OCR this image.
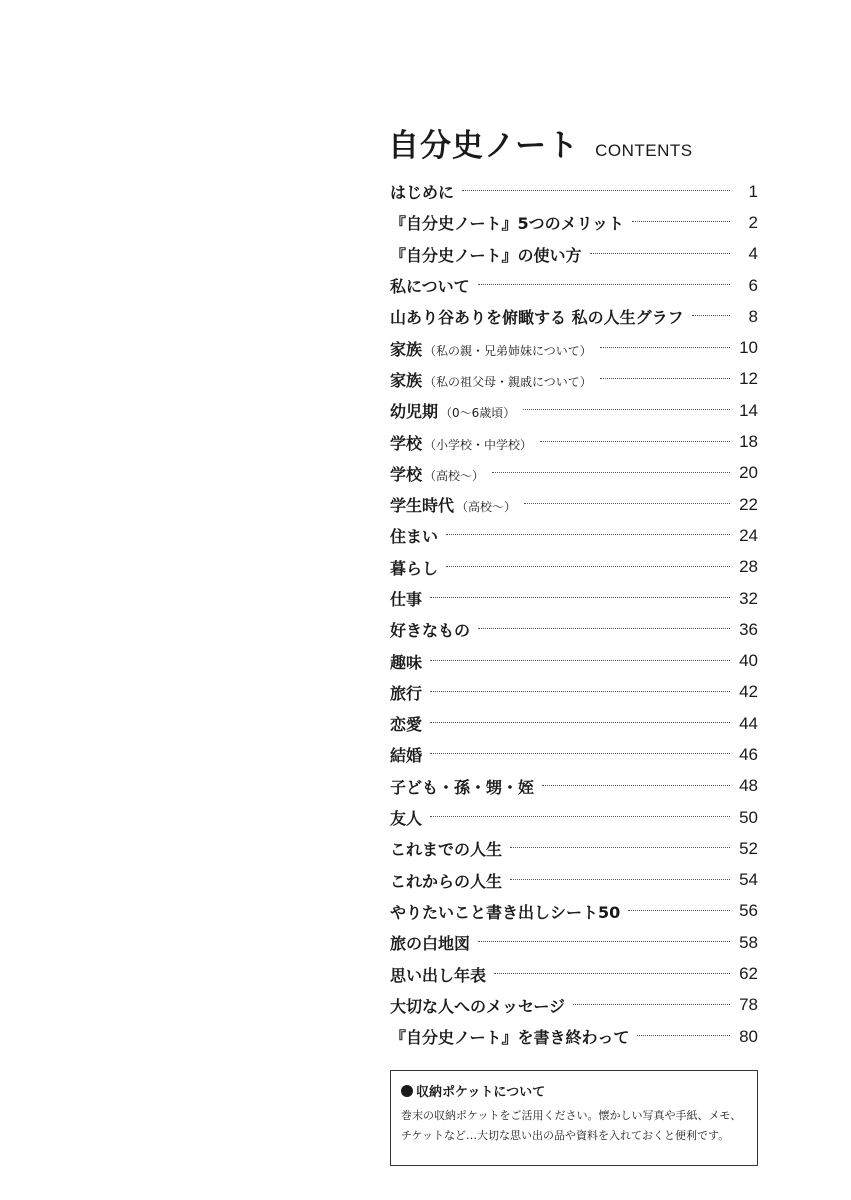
自分史ノート CONTENTS
はじめに	1
『自分史ノート』5つのメリット	2
『自分史ノート』の使い方	4
私について	6
山あり谷ありを俯瞰する 私の人生グラフ	8
家族 （私の親・兄弟姉妹について）	10
家族 （私の祖父母・親戚について）	12
幼児期 （0〜6歳頃）	14
学校 （小学校・中学校）	18
学校 （高校〜）	20
学生時代 （高校〜）	22
住まい	24
暮らし	28
仕事	32
好きなもの	36
趣味	40
旅行	42
恋愛	44
結婚	46
子ども・孫・甥・姪	48
友人	50
これまでの人生	52
これからの人生	54
やりたいこと書き出しシート50	56
旅の白地図	58
思い出し年表	62
大切な人へのメッセージ	78
『自分史ノート』を書き終わって	80
収納ポケットについて
巻末の収納ポケットをご活用ください。懐かしい写真や手紙、メモ、
チケットなど…大切な思い出の品や資料を入れておくと便利です。
